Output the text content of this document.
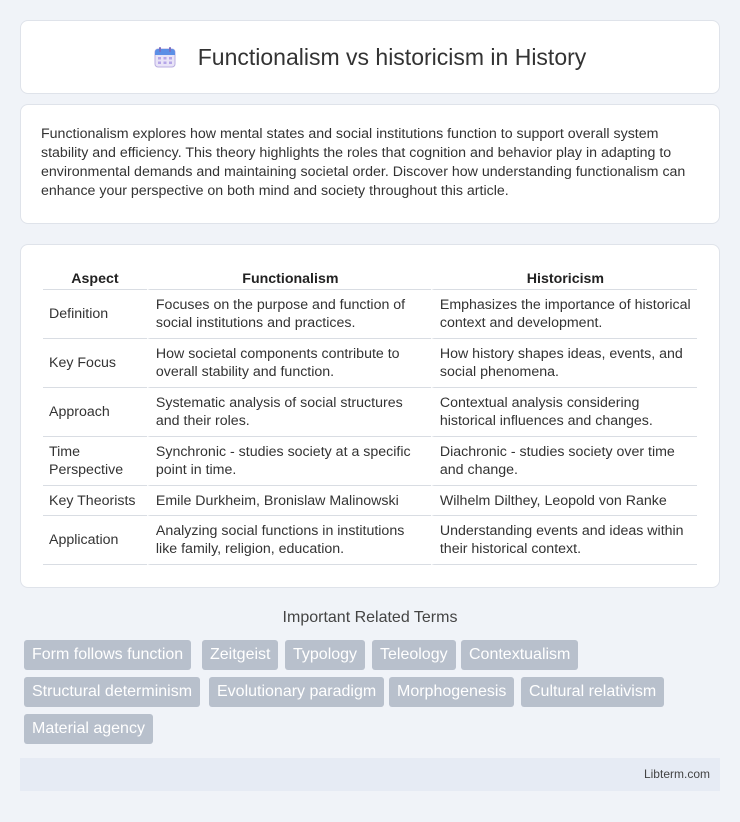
Functionalism vs historicism in History

Functionalism explores how mental states and social institutions function to support overall system stability and efficiency. This theory highlights the roles that cognition and behavior play in adapting to environmental demands and maintaining societal order. Discover how understanding functionalism can enhance your perspective on both mind and society throughout this article.

Aspect	Functionalism	Historicism
Definition	Focuses on the purpose and function of social institutions and practices.	Emphasizes the importance of historical context and development.
Key Focus	How societal components contribute to overall stability and function.	How history shapes ideas, events, and social phenomena.
Approach	Systematic analysis of social structures and their roles.	Contextual analysis considering historical influences and changes.
Time Perspective	Synchronic - studies society at a specific point in time.	Diachronic - studies society over time and change.
Key Theorists	Emile Durkheim, Bronislaw Malinowski	Wilhelm Dilthey, Leopold von Ranke
Application	Analyzing social functions in institutions like family, religion, education.	Understanding events and ideas within their historical context.
Important Related Terms
Form follows function	Zeitgeist	Typology	Teleology	Contextualism
Structural determinism	Evolutionary paradigm	Morphogenesis	Cultural relativism
Material agency
Libterm.com
